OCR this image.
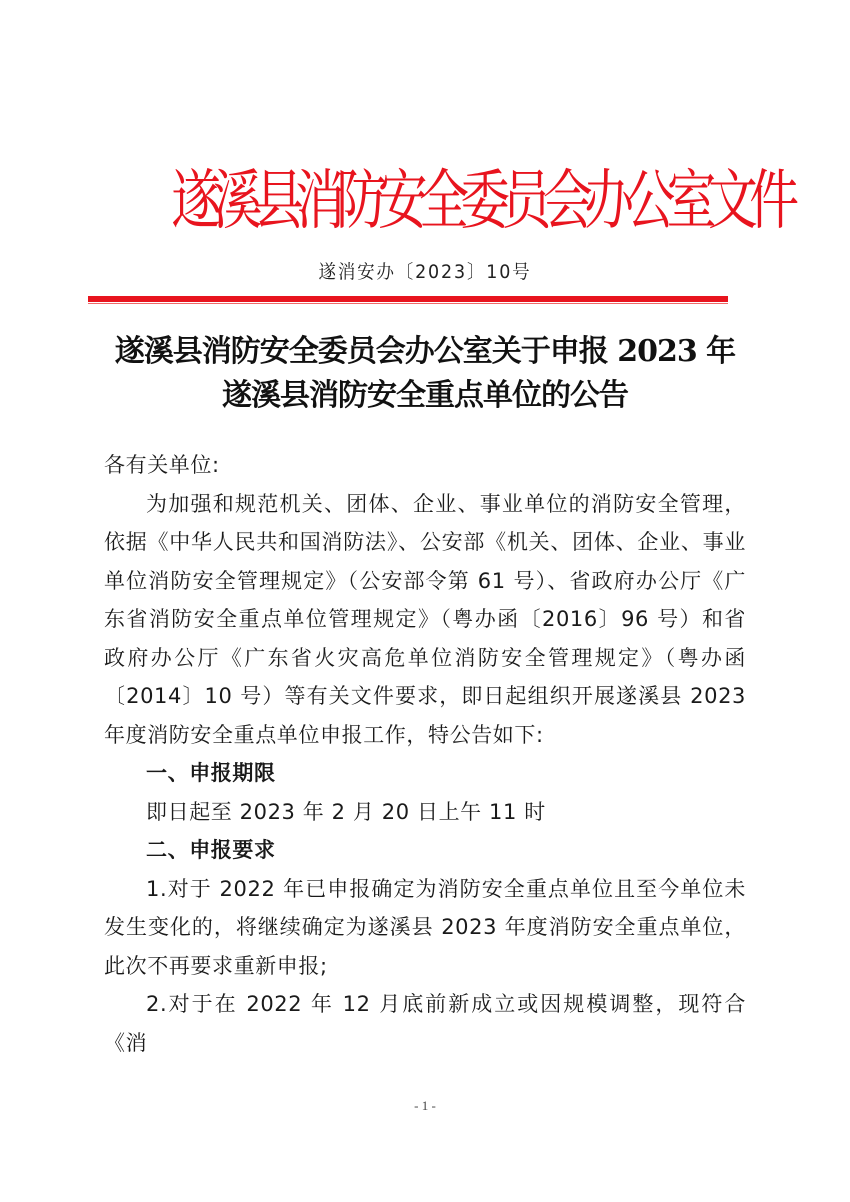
遂溪县消防安全委员会办公室文件
遂消安办〔2023〕10号
遂溪县消防安全委员会办公室关于申报 2023 年
遂溪县消防安全重点单位的公告

各有关单位:

为加强和规范机关、团体、企业、事业单位的消防安全管理，依据《中华人民共和国消防法》、公安部《机关、团体、企业、事业单位消防安全管理规定》（公安部令第 61 号）、省政府办公厅《广东省消防安全重点单位管理规定》（粤办函〔2016〕96 号）和省政府办公厅《广东省火灾高危单位消防安全管理规定》（粤办函〔2014〕10 号）等有关文件要求，即日起组织开展遂溪县 2023 年度消防安全重点单位申报工作，特公告如下:

一、申报期限

即日起至 2023 年 2 月 20 日上午 11 时

二、申报要求

1.对于 2022 年已申报确定为消防安全重点单位且至今单位未发生变化的，将继续确定为遂溪县 2023 年度消防安全重点单位，此次不再要求重新申报;

2.对于在 2022 年 12 月底前新成立或因规模调整，现符合《消

- 1 -
